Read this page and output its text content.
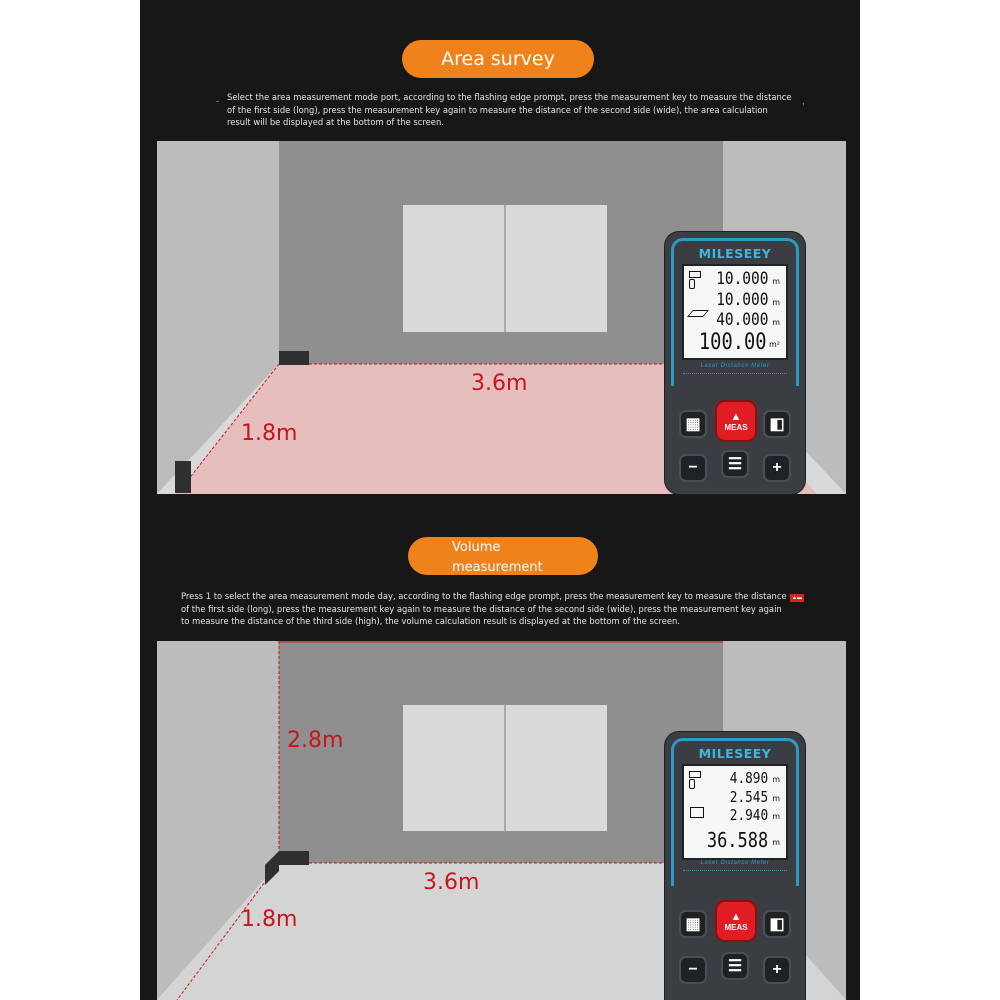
Area survey
- Select the area measurement mode port, according to the flashing edge prompt, press the measurement key to measure the distance of the first side (long), press the measurement key again to measure the distance of the second side (wide), the area calculation result will be displayed at the bottom of the screen.
,
3.6m
1.8m
MILESEEY
10.000 m
10.000 m
40.000 m
100.00 m²
Laser Distance Meter
▦	▲
MEAS ◧
− ☰ +
Volume
measurement
Press 1 to select the area measurement mode day, according to the flashing edge prompt, press the measurement key to measure the distance of the first side (long), press the measurement key again to measure the distance of the second side (wide), press the measurement key again to measure the distance of the third side (high), the volume calculation result is displayed at the bottom of the screen.
▲▬
2.8m
3.6m
1.8m
MILESEEY
4.890 m
2.545 m
2.940 m
36.588 m
Laser Distance Meter
▦	▲
MEAS ◧
− ☰ +
